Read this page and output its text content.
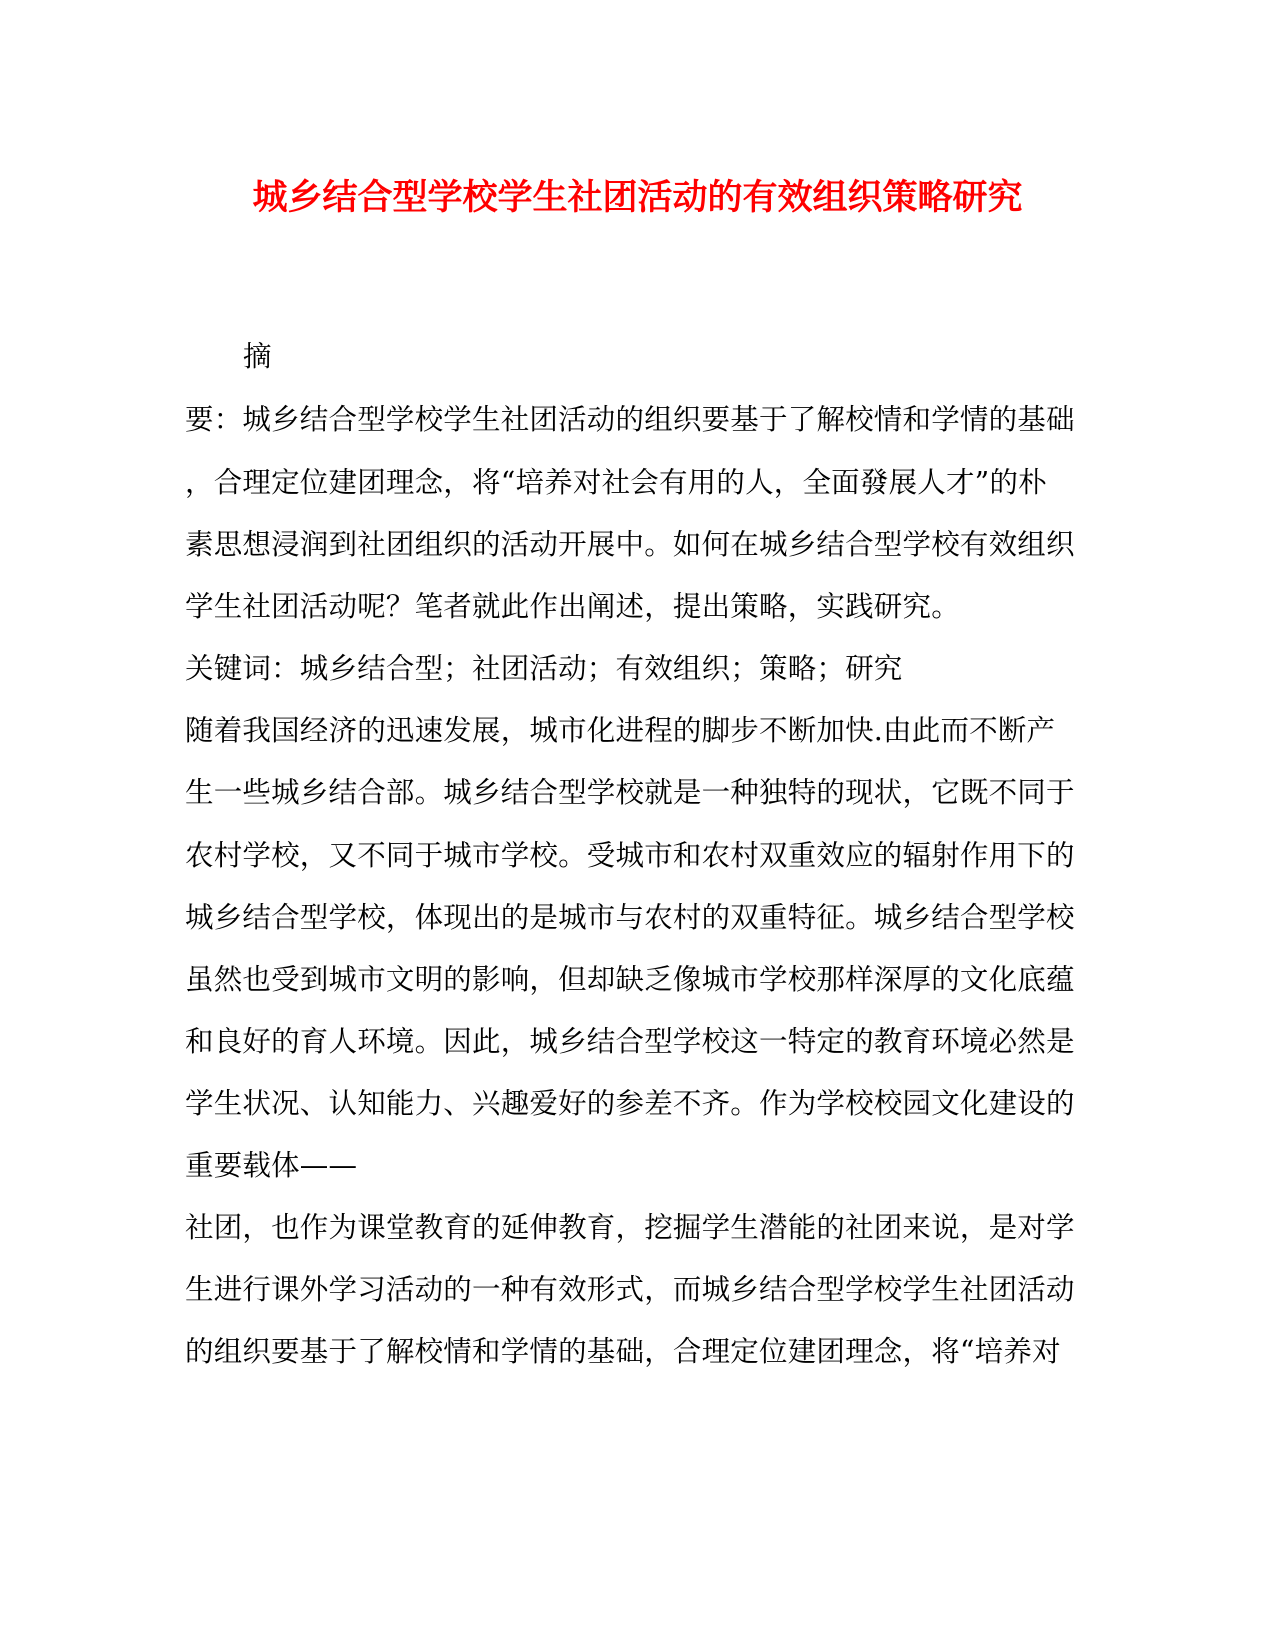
城乡结合型学校学生社团活动的有效组织策略研究
摘
要：城乡结合型学校学生社团活动的组织要基于了解校情和学情的基础
，合理定位建团理念，将“培养对社会有用的人，全面發展人才”的朴
素思想浸润到社团组织的活动开展中。如何在城乡结合型学校有效组织
学生社团活动呢？笔者就此作出阐述，提出策略，实践研究。
关键词：城乡结合型；社团活动；有效组织；策略；研究
随着我国经济的迅速发展，城市化进程的脚步不断加快.由此而不断产
生一些城乡结合部。城乡结合型学校就是一种独特的现状，它既不同于
农村学校，又不同于城市学校。受城市和农村双重效应的辐射作用下的
城乡结合型学校，体现出的是城市与农村的双重特征。城乡结合型学校
虽然也受到城市文明的影响，但却缺乏像城市学校那样深厚的文化底蕴
和良好的育人环境。因此，城乡结合型学校这一特定的教育环境必然是
学生状况、认知能力、兴趣爱好的参差不齐。作为学校校园文化建设的
重要载体——
社团，也作为课堂教育的延伸教育，挖掘学生潜能的社团来说，是对学
生进行课外学习活动的一种有效形式，而城乡结合型学校学生社团活动
的组织要基于了解校情和学情的基础，合理定位建团理念，将“培养对
